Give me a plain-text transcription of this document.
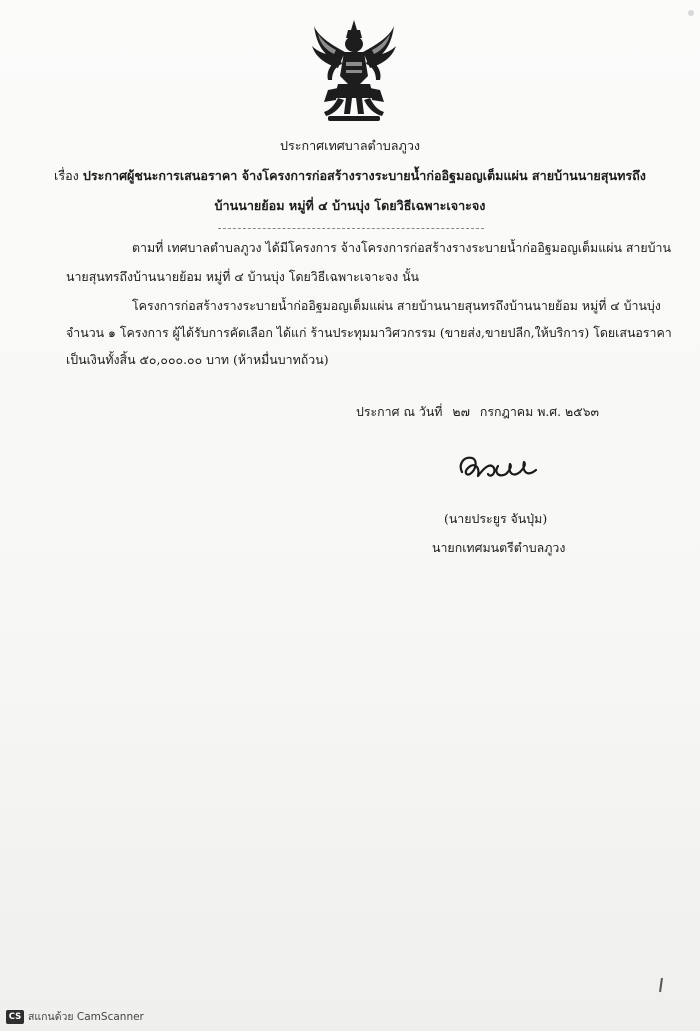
ประกาศเทศบาลตำบลภูวง
เรื่อง ประกาศผู้ชนะการเสนอราคา จ้างโครงการก่อสร้างรางระบายน้ำก่ออิฐมอญเต็มแผ่น สายบ้านนายสุนทรถึง
บ้านนายย้อม หมู่ที่ ๔ บ้านบุ่ง โดยวิธีเฉพาะเจาะจง
ตามที่ เทศบาลตำบลภูวง ได้มีโครงการ จ้างโครงการก่อสร้างรางระบายน้ำก่ออิฐมอญเต็มแผ่น สายบ้าน
นายสุนทรถึงบ้านนายย้อม หมู่ที่ ๔ บ้านบุ่ง โดยวิธีเฉพาะเจาะจง นั้น
โครงการก่อสร้างรางระบายน้ำก่ออิฐมอญเต็มแผ่น สายบ้านนายสุนทรถึงบ้านนายย้อม หมู่ที่ ๔ บ้านบุ่ง
จำนวน ๑ โครงการ ผู้ได้รับการคัดเลือก ได้แก่ ร้านประทุมมาวิศวกรรม (ขายส่ง,ขายปลีก,ให้บริการ) โดยเสนอราคา
เป็นเงินทั้งสิ้น ๕๐,๐๐๐.๐๐ บาท (ห้าหมื่นบาทถ้วน)
ประกาศ ณ วันที่ ๒๗ กรกฎาคม พ.ศ. ๒๕๖๓
(นายประยูร จันปุ่ม)
นายกเทศมนตรีตำบลภูวง
CS สแกนด้วย CamScanner
